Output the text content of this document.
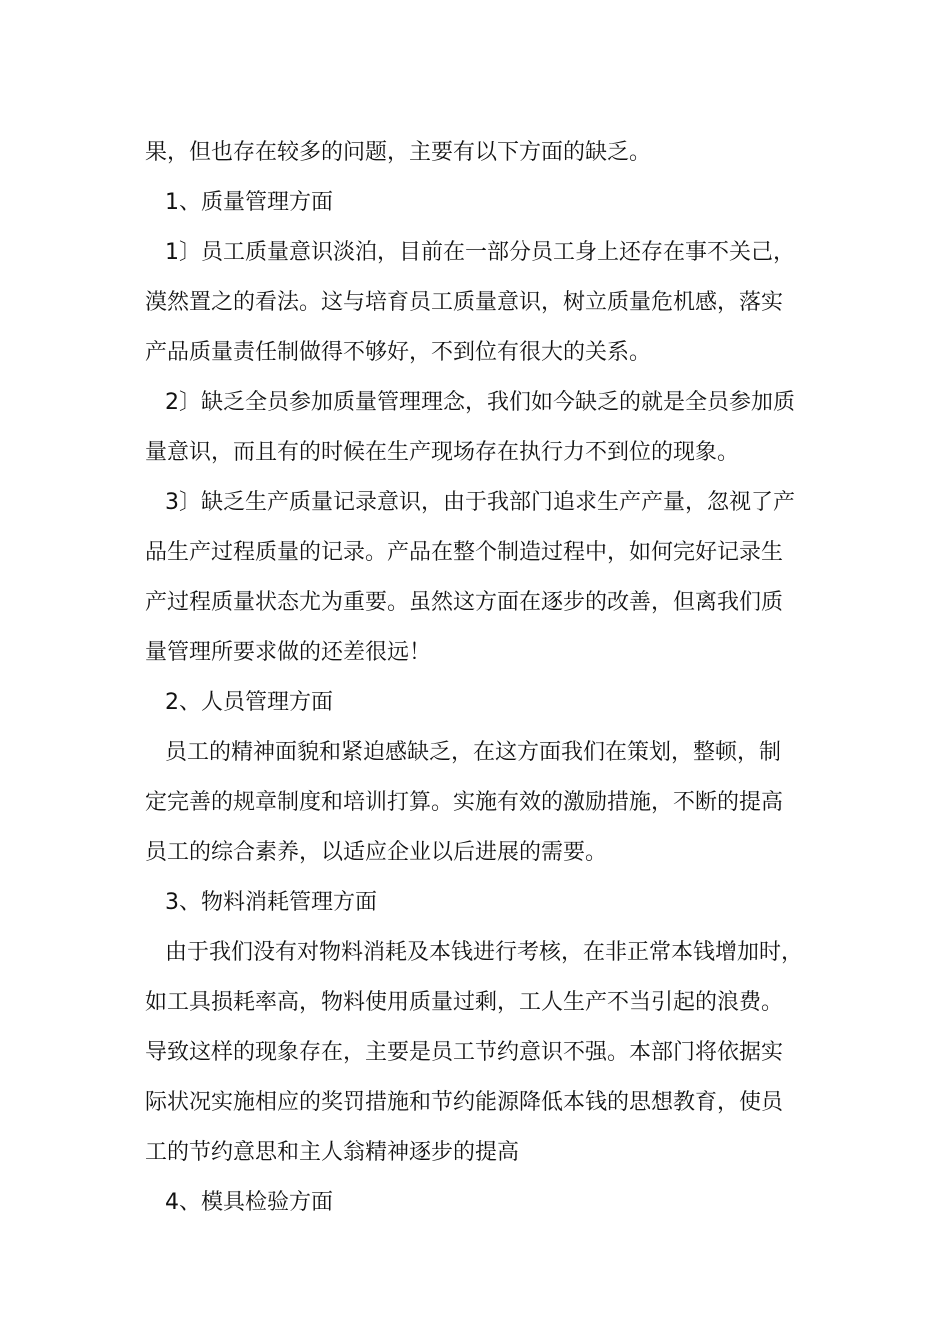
果，但也存在较多的问题，主要有以下方面的缺乏。
1、质量管理方面
1〕员工质量意识淡泊，目前在一部分员工身上还存在事不关己，
漠然置之的看法。这与培育员工质量意识，树立质量危机感，落实
产品质量责任制做得不够好，不到位有很大的关系。
2〕缺乏全员参加质量管理理念，我们如今缺乏的就是全员参加质
量意识，而且有的时候在生产现场存在执行力不到位的现象。
3〕缺乏生产质量记录意识，由于我部门追求生产产量，忽视了产
品生产过程质量的记录。产品在整个制造过程中，如何完好记录生
产过程质量状态尤为重要。虽然这方面在逐步的改善，但离我们质
量管理所要求做的还差很远！
2、人员管理方面
员工的精神面貌和紧迫感缺乏，在这方面我们在策划，整顿，制
定完善的规章制度和培训打算。实施有效的激励措施，不断的提高
员工的综合素养，以适应企业以后进展的需要。
3、物料消耗管理方面
由于我们没有对物料消耗及本钱进行考核，在非正常本钱增加时，
如工具损耗率高，物料使用质量过剩，工人生产不当引起的浪费。
导致这样的现象存在，主要是员工节约意识不强。本部门将依据实
际状况实施相应的奖罚措施和节约能源降低本钱的思想教育，使员
工的节约意思和主人翁精神逐步的提高
4、模具检验方面
